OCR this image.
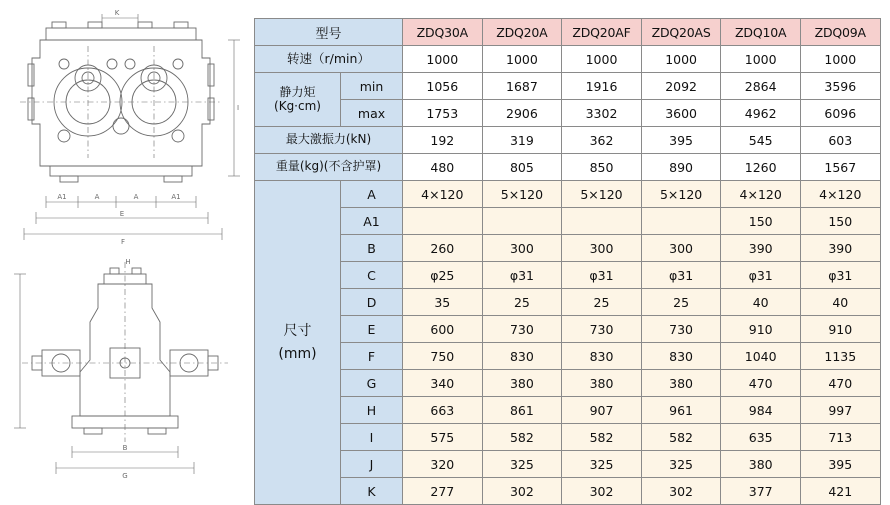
K
A1	A	A	A1
E
F
I
H
B
G
型号		ZDQ30A	ZDQ20A	ZDQ20AF	ZDQ20AS	ZDQ10A	ZDQ09A
转速（r/min）		1000	1000	1000	1000	1000	1000

静力矩
(Kg·cm)	min	1056	1687	1916	2092	2864	3596
	max	1753	2906	3302	3600	4962	6096
最大激振力(kN)		192	319	362	395	545	603
重量(kg)(不含护罩)		480	805	850	890	1260	1567

尺寸
(mm)	A	4×120	5×120	5×120	5×120	4×120	4×120
	A1					150	150
	B	260	300	300	300	390	390
	C	φ25	φ31	φ31	φ31	φ31	φ31
	D	35	25	25	25	40	40
	E	600	730	730	730	910	910
	F	750	830	830	830	1040	1135
	G	340	380	380	380	470	470
	H	663	861	907	961	984	997
	I	575	582	582	582	635	713
	J	320	325	325	325	380	395
	K	277	302	302	302	377	421
